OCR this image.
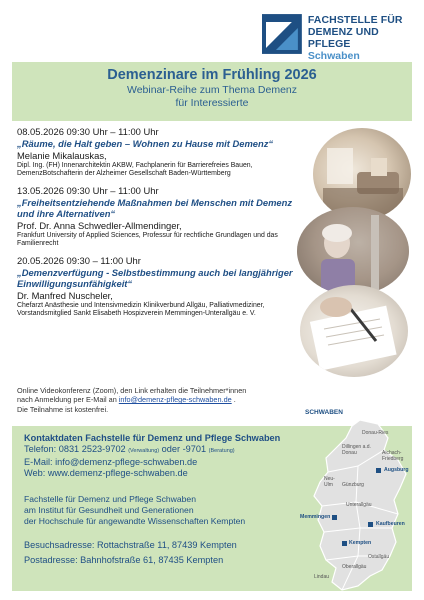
FACHSTELLE FÜR
DEMENZ UND PFLEGE
Schwaben
Demenzinare im Frühling 2026
Webinar-Reihe zum Thema Demenz
für Interessierte
08.05.2026 09:30 Uhr – 11:00 Uhr
„Räume, die Halt geben – Wohnen zu Hause mit Demenz“
Melanie Mikalauskas,
Dipl. Ing. (FH) Innenarchitektin AKBW, Fachplanerin für Barrierefreies Bauen, DemenzBotschafterin der Alzheimer Gesellschaft Baden-Württemberg
13.05.2026 09:30 Uhr – 11:00 Uhr
„Freiheitsentziehende Maßnahmen bei Menschen mit Demenz und ihre Alternativen“
Prof. Dr. Anna Schwedler-Allmendinger,
Frankfurt University of Applied Sciences, Professur für rechtliche Grundlagen und das Familienrecht
20.05.2026 09:30 – 11:00 Uhr
„Demenzverfügung - Selbstbestimmung auch bei langjähriger Einwilligungsunfähigkeit“
Dr. Manfred Nuscheler,
Chefarzt Anästhesie und Intensivmedizin Klinikverbund Allgäu, Palliativmediziner, Vorstandsmitglied Sankt Elisabeth Hospizverein Memmingen-Unterallgäu e. V.
Online Videokonferenz (Zoom), den Link erhalten die Teilnehmer*innen
nach Anmeldung per E-Mail an info@demenz-pflege-schwaben.de .
Die Teilnahme ist kostenfrei.	SCHWABEN
Kontaktdaten Fachstelle für Demenz und Pflege Schwaben
Telefon: 0831 2523-9702 (Verwaltung) oder -9701 (Beratung)
E-Mail: info@demenz-pflege-schwaben.de
Web: www.demenz-pflege-schwaben.de
Fachstelle für Demenz und Pflege Schwaben
am Institut für Gesundheit und Generationen
der Hochschule für angewandte Wissenschaften Kempten
Besuchsadresse: Rottachstraße 11, 87439 Kempten
Postadresse: Bahnhofstraße 61, 87435 Kempten
Donau-Ries
Dillingen a.d. Donau	Aichach-Friedberg
Augsburg
Neu-Ulm	Günzburg
Unterallgäu
Memmingen
Kaufbeuren
Kempten
Oberallgäu
Lindau
Ostallgäu
